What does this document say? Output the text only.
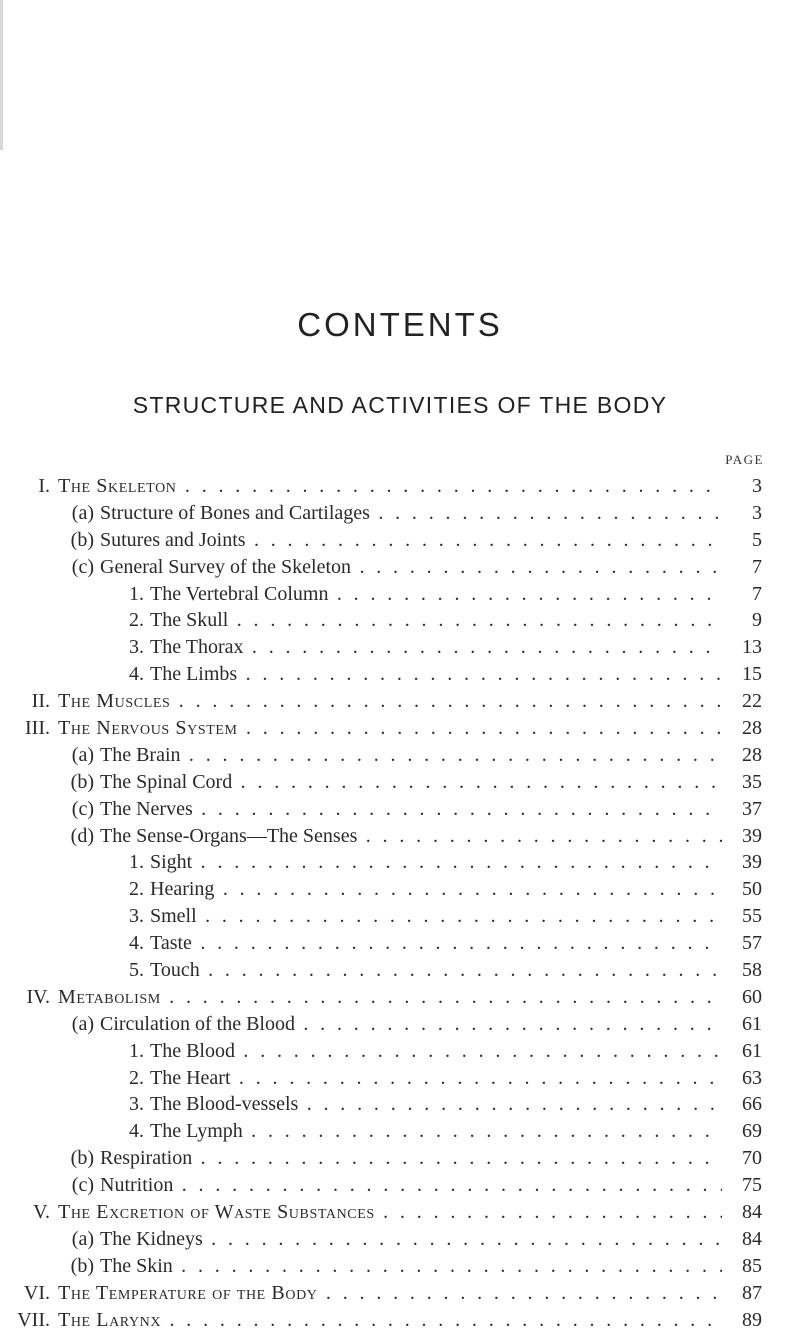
CONTENTS
STRUCTURE AND ACTIVITIES OF THE BODY
PAGE
I. The Skeleton . . .	3
(a) Structure of Bones and Cartilages . . .	3
(b) Sutures and Joints . . .	5
(c) General Survey of the Skeleton . . .	7
1. The Vertebral Column . . .	7
2. The Skull . . .	9
3. The Thorax . . .	13
4. The Limbs . . .	15
II. The Muscles . . .	22
III. The Nervous System . . .	28
(a) The Brain . . .	28
(b) The Spinal Cord . . .	35
(c) The Nerves . . .	37
(d) The Sense-Organs—The Senses . . .	39
1. Sight . . .	39
2. Hearing . . .	50
3. Smell . . .	55
4. Taste . . .	57
5. Touch . . .	58
IV. Metabolism . . .	60
(a) Circulation of the Blood . . .	61
1. The Blood . . .	61
2. The Heart . . .	63
3. The Blood-vessels . . .	66
4. The Lymph . . .	69
(b) Respiration . . .	70
(c) Nutrition . . .	75
V. The Excretion of Waste Substances . . .	84
(a) The Kidneys . . .	84
(b) The Skin . . .	85
VI. The Temperature of the Body . . .	87
VII. The Larynx . . .	89
